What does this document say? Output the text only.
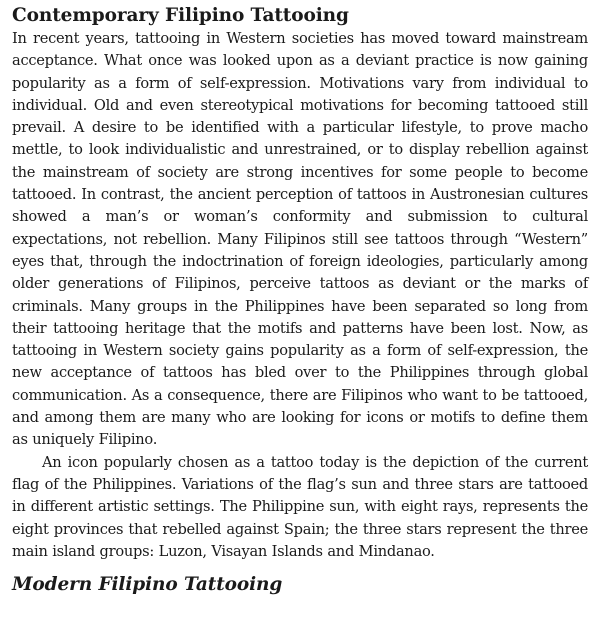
Contemporary Filipino Tattooing

In recent years, tattooing in Western societies has moved toward mainstream acceptance. What once was looked upon as a deviant practice is now gaining popularity as a form of self-expression. Motivations vary from individual to individual. Old and even stereotypical motivations for becoming tattooed still prevail. A desire to be identified with a particular lifestyle, to prove macho mettle, to look individualistic and unrestrained, or to display rebellion against the mainstream of society are strong incentives for some people to become tattooed. In contrast, the ancient perception of tattoos in Austronesian cultures showed a man’s or woman’s conformity and submission to cultural expectations, not rebellion. Many Filipinos still see tattoos through “Western” eyes that, through the indoctrination of foreign ideologies, particularly among older generations of Filipinos, perceive tattoos as deviant or the marks of criminals. Many groups in the Philippines have been separated so long from their tattooing heritage that the motifs and patterns have been lost. Now, as tattooing in Western society gains popularity as a form of self-expression, the new acceptance of tattoos has bled over to the Philippines through global communication. As a consequence, there are Filipinos who want to be tattooed, and among them are many who are looking for icons or motifs to define them as uniquely Filipino.

An icon popularly chosen as a tattoo today is the depiction of the current flag of the Philippines. Variations of the flag’s sun and three stars are tattooed in different artistic settings. The Philippine sun, with eight rays, represents the eight provinces that rebelled against Spain; the three stars represent the three main island groups: Luzon, Visayan Islands and Mindanao.

Modern Filipino Tattooing
